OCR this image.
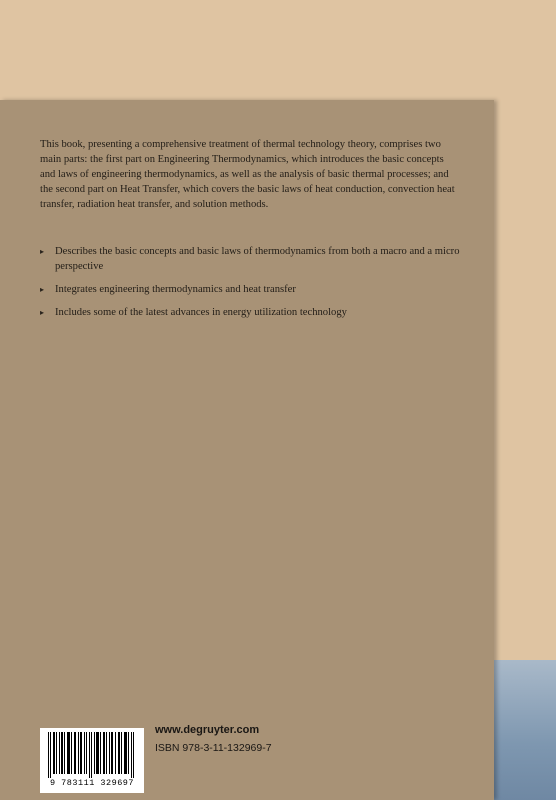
This book, presenting a comprehensive treatment of thermal technology theory, comprises two main parts: the first part on Engineering Thermodynamics, which introduces the basic concepts and laws of engineering thermodynamics, as well as the analysis of basic thermal processes; and the second part on Heat Transfer, which covers the basic laws of heat conduction, convection heat transfer, radiation heat transfer, and solution methods.

▸ Describes the basic concepts and basic laws of thermodynamics from both a macro and a micro perspective
▸ Integrates engineering thermodynamics and heat transfer
▸ Includes some of the latest advances in energy utilization technology
9 783111 329697
www.degruyter.com
ISBN 978-3-11-132969-7
